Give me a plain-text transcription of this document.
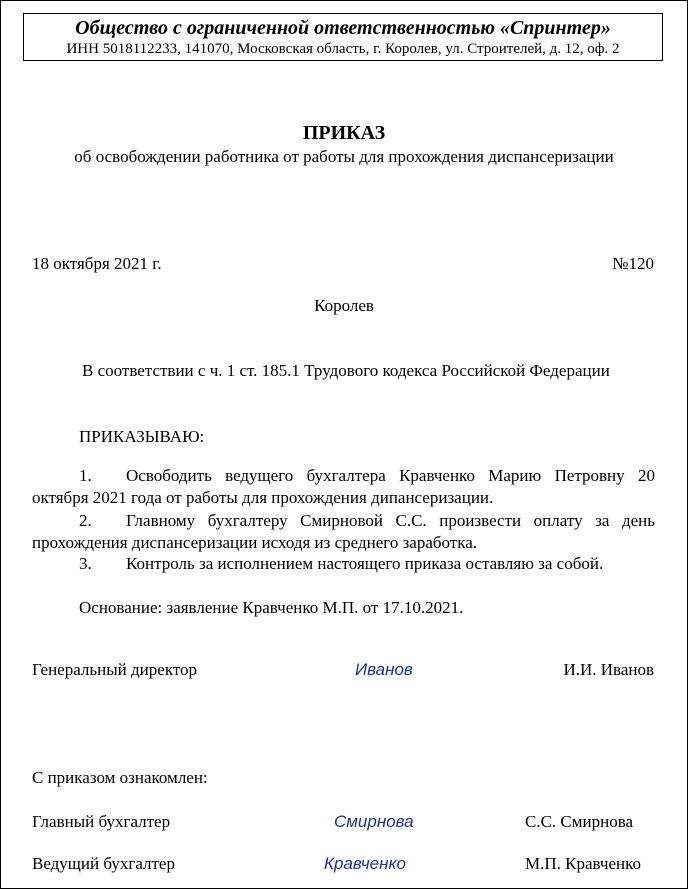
Общество с ограниченной ответственностью «Спринтер»
ИНН 5018112233, 141070, Московская область, г. Королев, ул. Строителей, д. 12, оф. 2
ПРИКАЗ
об освобождении работника от работы для прохождения диспансеризации
18 октября 2021 г.	№120
Королев
В соответствии с ч. 1 ст. 185.1 Трудового кодекса Российской Федерации
ПРИКАЗЫВАЮ:
1. Освободить ведущего бухгалтера Кравченко Марию Петровну 20 октября 2021 года от работы для прохождения дипансеризации.
2. Главному бухгалтеру Смирновой С.С. произвести оплату за день прохождения диспансеризации исходя из среднего заработка.
3. Контроль за исполнением настоящего приказа оставляю за собой.
Основание: заявление Кравченко М.П. от 17.10.2021.
Генеральный директор	Иванов	И.И. Иванов
С приказом ознакомлен:
Главный бухгалтер	Смирнова	С.С. Смирнова
Ведущий бухгалтер	Кравченко	М.П. Кравченко
